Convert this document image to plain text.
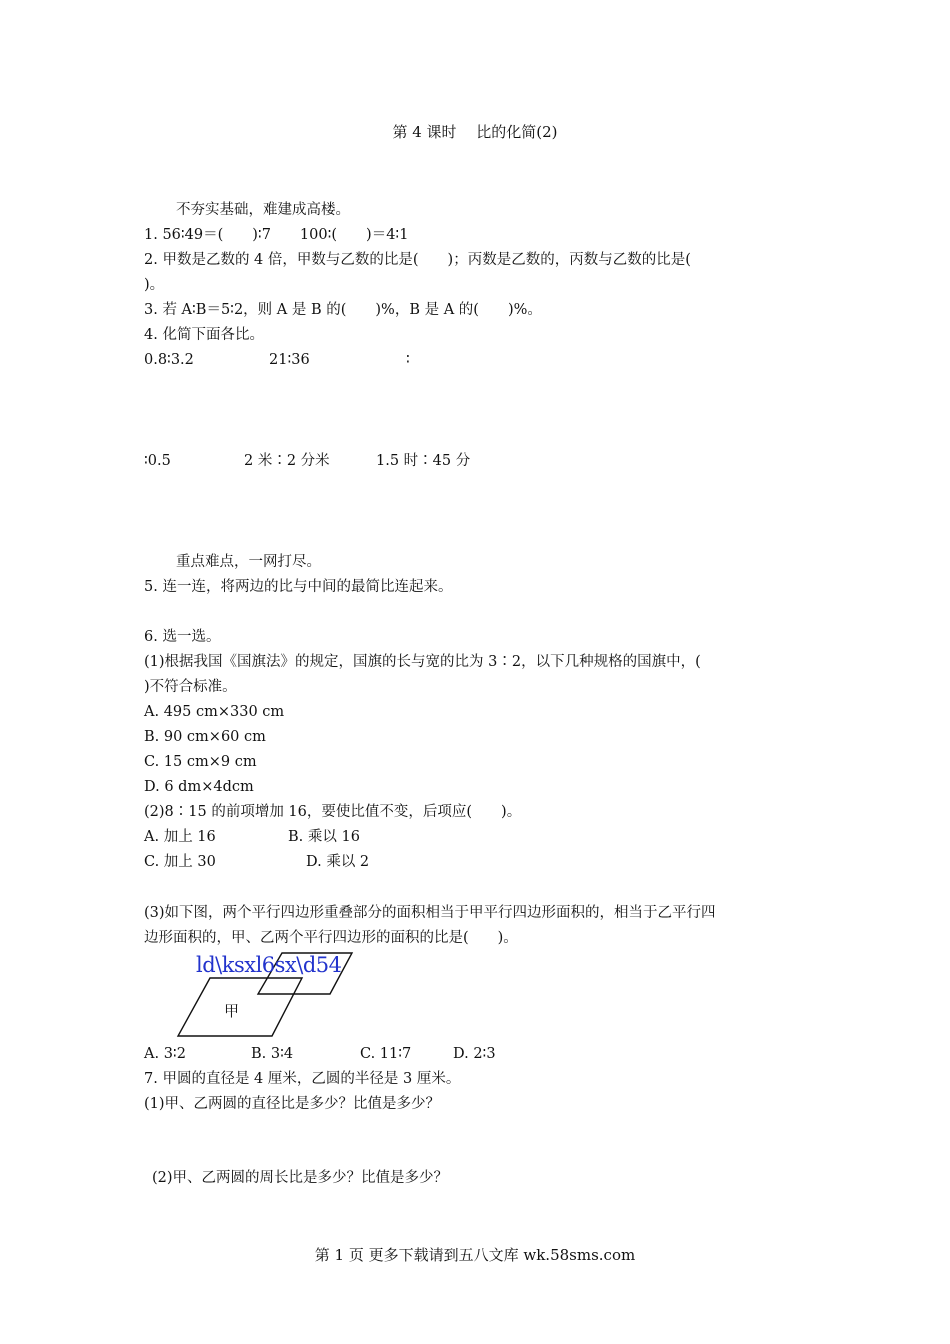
第 4 课时　 比的化简(2)
不夯实基础，难建成高楼。
1. 56∶49＝(　　)∶7　　100∶(　　)＝4∶1
2. 甲数是乙数的 4 倍，甲数与乙数的比是(　　)；丙数是乙数的，丙数与乙数的比是(
)。
3. 若 A∶B＝5∶2，则 A 是 B 的(　　)%，B 是 A 的(　　)%。
4. 化简下面各比。
0.8∶3.2	21∶36	∶
∶0.5	2 米∶2 分米	1.5 时∶45 分
重点难点，一网打尽。
5. 连一连，将两边的比与中间的最简比连起来。
6. 选一选。
(1)根据我国《国旗法》的规定，国旗的长与宽的比为 3∶2，以下几种规格的国旗中，(
)不符合标准。
A. 495 cm×330 cm
B. 90 cm×60 cm
C. 15 cm×9 cm
D. 6 dm×4dcm
(2)8∶15 的前项增加 16，要使比值不变，后项应(　　)。
A. 加上 16	B. 乘以 16
C. 加上 30	D. 乘以 2
(3)如下图，两个平行四边形重叠部分的面积相当于甲平行四边形面积的，相当于乙平行四
边形面积的，甲、乙两个平行四边形的面积的比是(　　)。
ld\ksxl6sx\d54
甲
A. 3∶2	B. 3∶4	C. 11∶7	D. 2∶3
7. 甲圆的直径是 4 厘米，乙圆的半径是 3 厘米。
(1)甲、乙两圆的直径比是多少？比值是多少？
(2)甲、乙两圆的周长比是多少？比值是多少？
第 1 页 更多下载请到五八文库 wk.58sms.com
